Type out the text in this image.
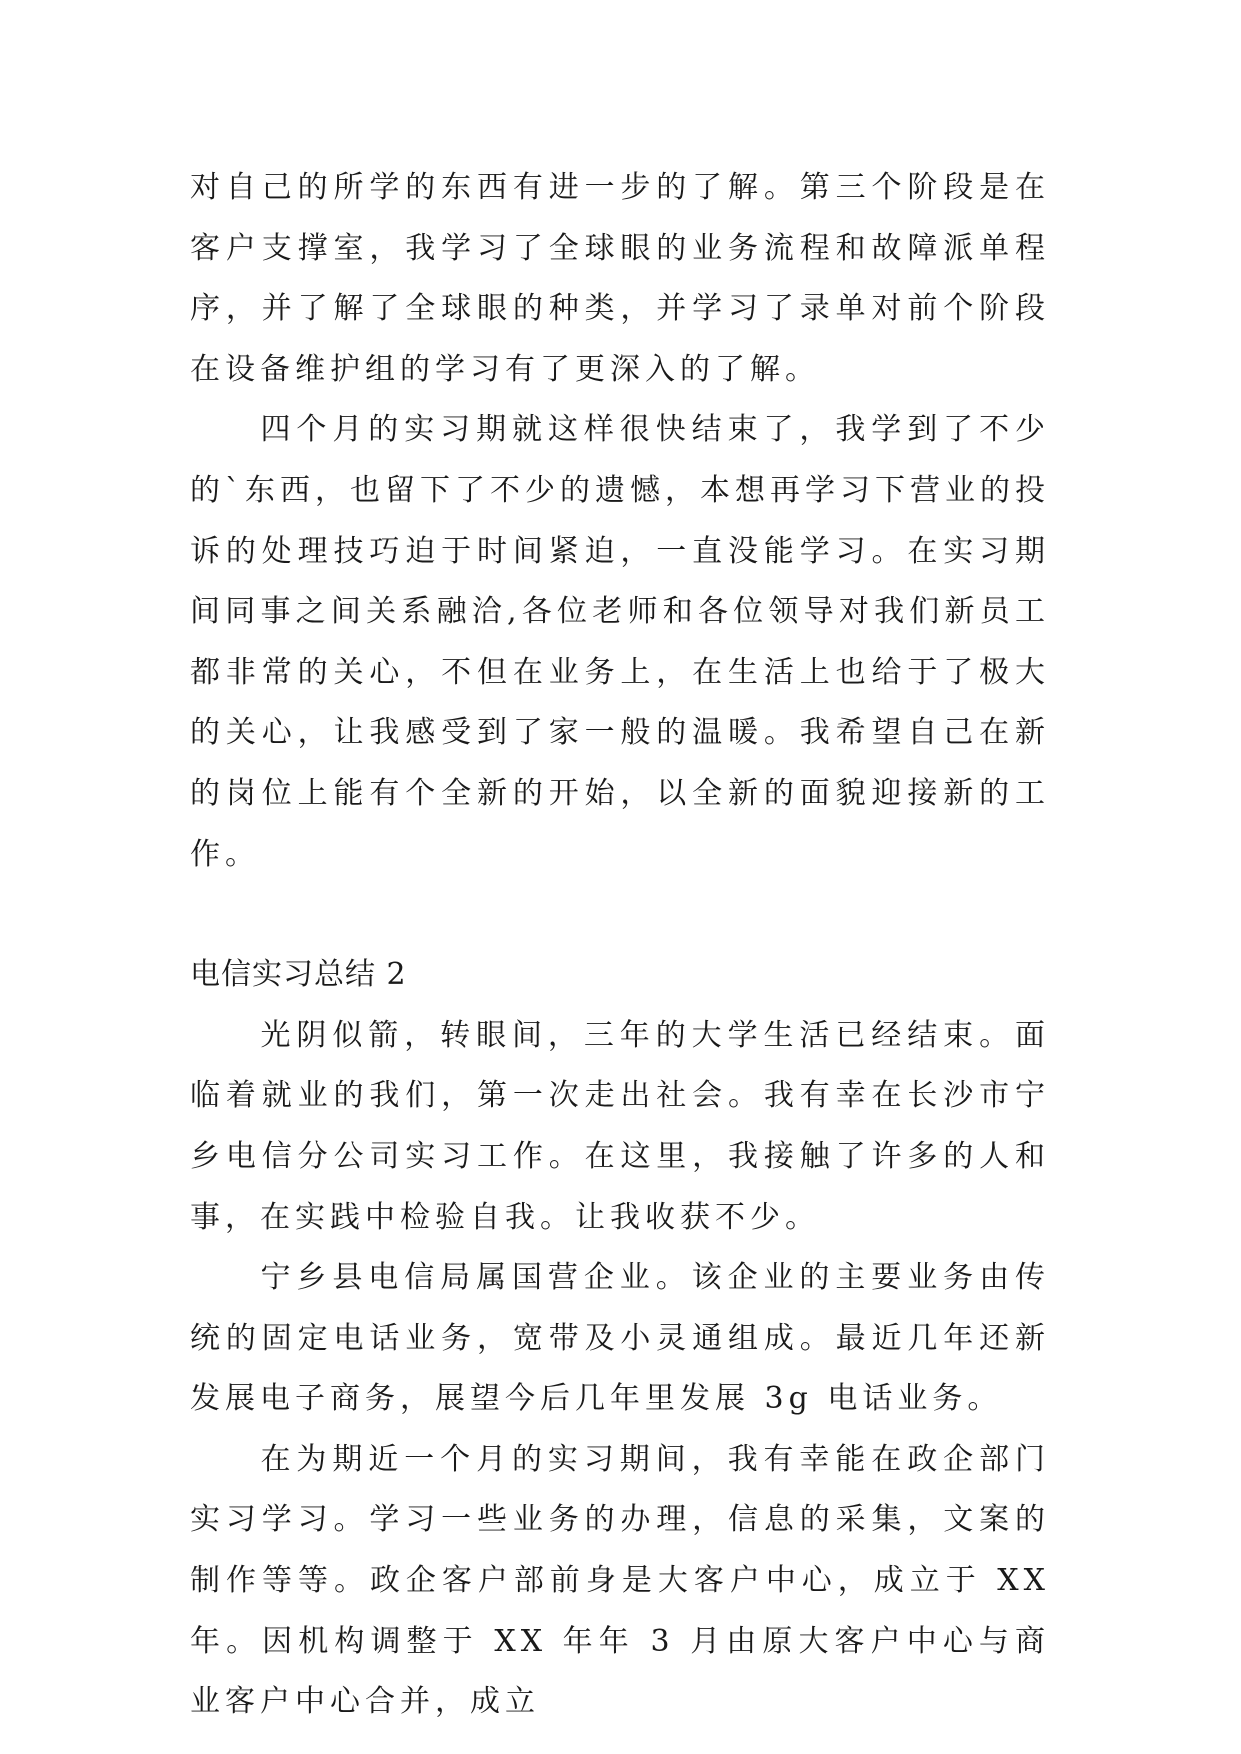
对自己的所学的东西有进一步的了解。第三个阶段是在客户支撑室，我学习了全球眼的业务流程和故障派单程序，并了解了全球眼的种类，并学习了录单对前个阶段在设备维护组的学习有了更深入的了解。

四个月的实习期就这样很快结束了，我学到了不少的`东西，也留下了不少的遗憾，本想再学习下营业的投诉的处理技巧迫于时间紧迫，一直没能学习。在实习期间同事之间关系融洽,各位老师和各位领导对我们新员工都非常的关心，不但在业务上，在生活上也给于了极大的关心，让我感受到了家一般的温暖。我希望自己在新的岗位上能有个全新的开始，以全新的面貌迎接新的工作。

电信实习总结 2

光阴似箭，转眼间，三年的大学生活已经结束。面临着就业的我们，第一次走出社会。我有幸在长沙市宁乡电信分公司实习工作。在这里，我接触了许多的人和事，在实践中检验自我。让我收获不少。

宁乡县电信局属国营企业。该企业的主要业务由传统的固定电话业务，宽带及小灵通组成。最近几年还新发展电子商务，展望今后几年里发展 3g 电话业务。

在为期近一个月的实习期间，我有幸能在政企部门实习学习。学习一些业务的办理，信息的采集，文案的制作等等。政企客户部前身是大客户中心，成立于 XX 年。因机构调整于 XX 年年 3 月由原大客户中心与商业客户中心合并，成立
